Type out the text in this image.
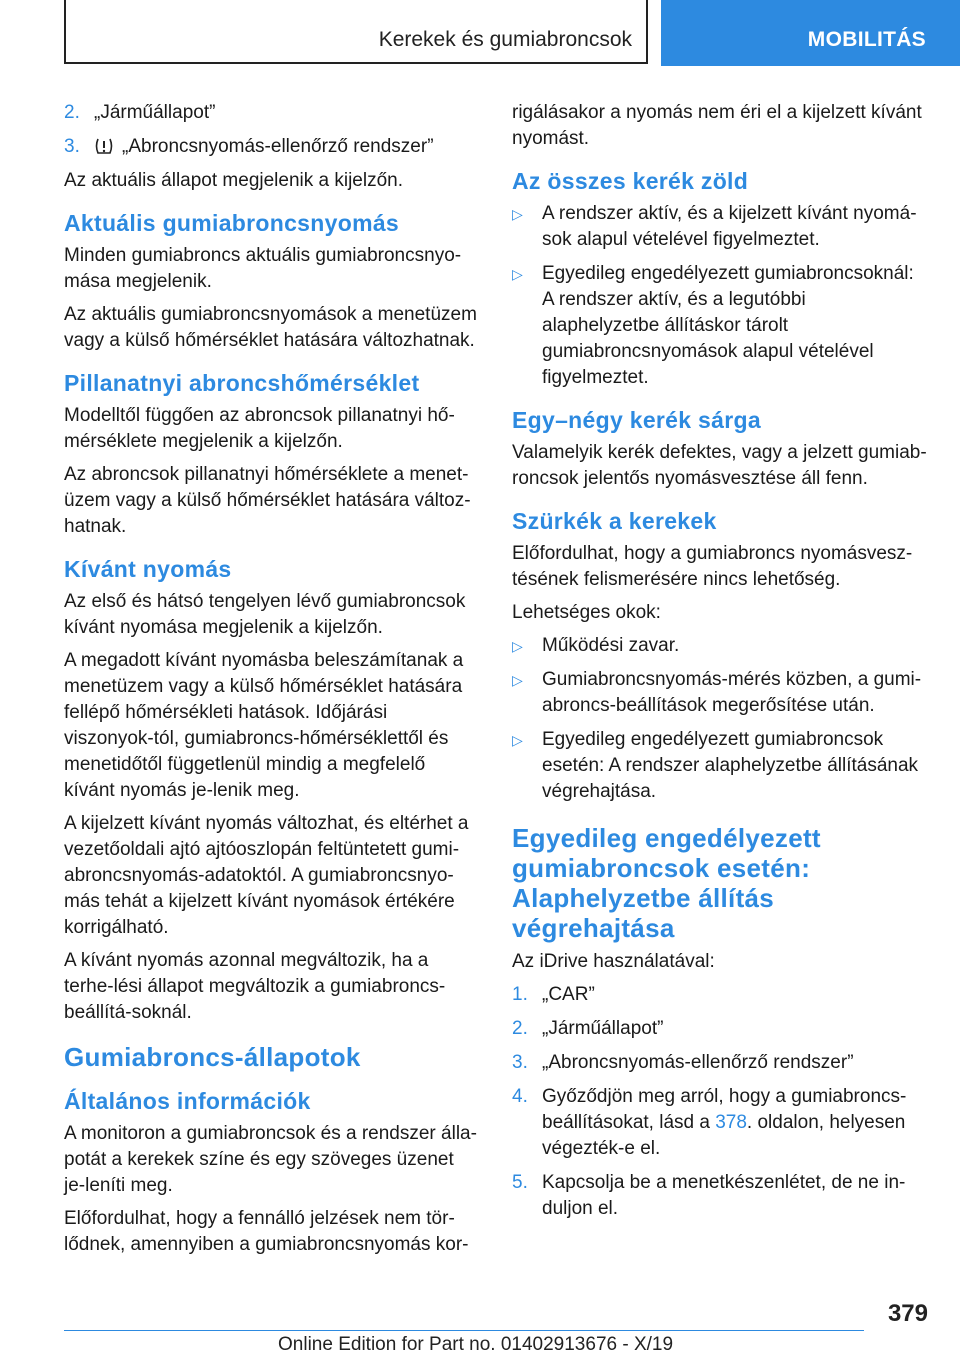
Kerekek és gumiabroncsok	MOBILITÁS
2. „Járműállapot”
3. „Abroncsnyomás-ellenőrző rendszer”

Az aktuális állapot megjelenik a kijelzőn.

Aktuális gumiabroncsnyomás

Minden gumiabroncs aktuális gumiabroncsnyo-mása megjelenik.

Az aktuális gumiabroncsnyomások a menetüzem vagy a külső hőmérséklet hatására változhatnak.

Pillanatnyi abroncshőmérséklet

Modelltől függően az abroncsok pillanatnyi hő-mérséklete megjelenik a kijelzőn.

Az abroncsok pillanatnyi hőmérséklete a menet-üzem vagy a külső hőmérséklet hatására változ-hatnak.

Kívánt nyomás

Az első és hátsó tengelyen lévő gumiabroncsok kívánt nyomása megjelenik a kijelzőn.

A megadott kívánt nyomásba beleszámítanak a menetüzem vagy a külső hőmérséklet hatására fellépő hőmérsékleti hatások. Időjárási viszonyok-tól, gumiabroncs-hőmérséklettől és menetidőtől függetlenül mindig a megfelelő kívánt nyomás je-lenik meg.

A kijelzett kívánt nyomás változhat, és eltérhet a vezetőoldali ajtó ajtóoszlopán feltüntetett gumi-abroncsnyomás-adatoktól. A gumiabroncsnyo-más tehát a kijelzett kívánt nyomások értékére korrigálható.

A kívánt nyomás azonnal megváltozik, ha a terhe-lési állapot megváltozik a gumiabroncs-beállítá-soknál.

Gumiabroncs-állapotok
Általános információk

A monitoron a gumiabroncsok és a rendszer álla-potát a kerekek színe és egy szöveges üzenet je-leníti meg.

Előfordulhat, hogy a fennálló jelzések nem tör-lődnek, amennyiben a gumiabroncsnyomás kor-

rigálásakor a nyomás nem éri el a kijelzett kívánt nyomást.

Az összes kerék zöld
▷ A rendszer aktív, és a kijelzett kívánt nyomá-sok alapul vételével figyelmeztet.
▷ Egyedileg engedélyezett gumiabroncsoknál: A rendszer aktív, és a legutóbbi alaphelyzetbe állításkor tárolt gumiabroncsnyomások alapul vételével figyelmeztet.
Egy–négy kerék sárga

Valamelyik kerék defektes, vagy a jelzett gumiab-roncsok jelentős nyomásvesztése áll fenn.

Szürkék a kerekek

Előfordulhat, hogy a gumiabroncs nyomásvesz-tésének felismerésére nincs lehetőség.

Lehetséges okok:

▷ Működési zavar.
▷ Gumiabroncsnyomás-mérés közben, a gumi-abroncs-beállítások megerősítése után.
▷ Egyedileg engedélyezett gumiabroncsok esetén: A rendszer alaphelyzetbe állításának végrehajtása.
Egyedileg engedélyezett gumiabroncsok esetén: Alaphelyzetbe állítás végrehajtása

Az iDrive használatával:

1. „CAR”
2. „Járműállapot”
3. „Abroncsnyomás-ellenőrző rendszer”
4. Győződjön meg arról, hogy a gumiabroncs-beállításokat, lásd a 378. oldalon, helyesen végezték-e el.
5. Kapcsolja be a menetkészenlétet, de ne in-duljon el.
379
Online Edition for Part no. 01402913676 - X/19
